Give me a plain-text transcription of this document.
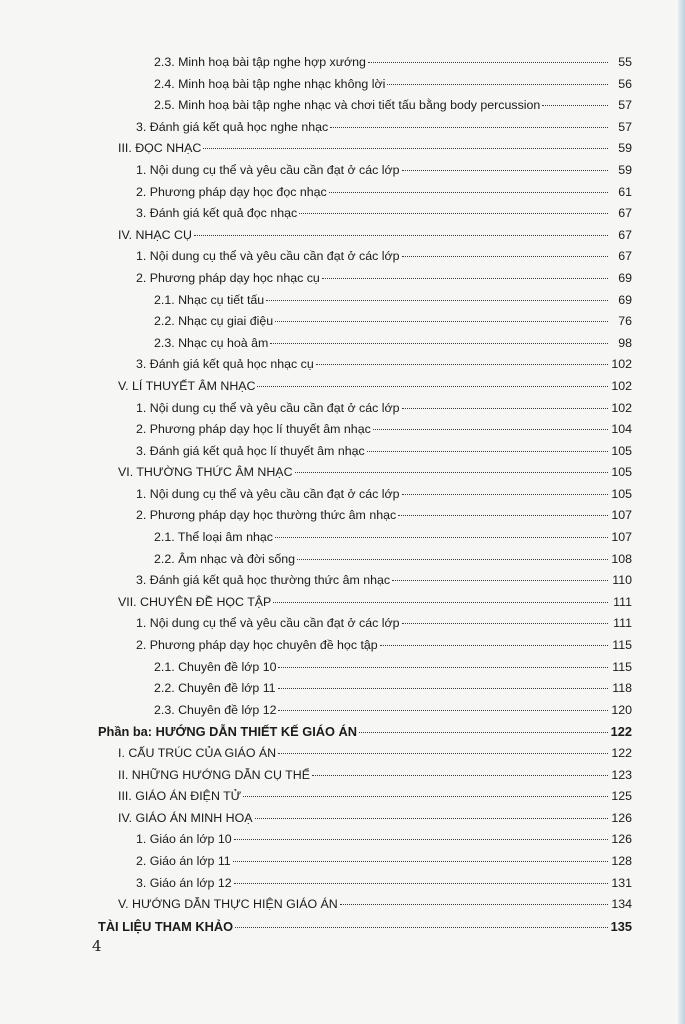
2.3. Minh hoạ bài tập nghe hợp xướng	55
2.4. Minh hoạ bài tập nghe nhạc không lời	56
2.5. Minh hoạ bài tập nghe nhạc và chơi tiết tấu bằng body percussion	57
3. Đánh giá kết quả học nghe nhạc	57
III. ĐỌC NHẠC	59
1. Nội dung cụ thể và yêu cầu cần đạt ở các lớp	59
2. Phương pháp dạy học đọc nhạc	61
3. Đánh giá kết quả đọc nhạc	67
IV. NHẠC CỤ	67
1. Nội dung cụ thể và yêu cầu cần đạt ở các lớp	67
2. Phương pháp dạy học nhạc cụ	69
2.1. Nhạc cụ tiết tấu	69
2.2. Nhạc cụ giai điệu	76
2.3. Nhạc cụ hoà âm	98
3. Đánh giá kết quả học nhạc cụ	102
V. LÍ THUYẾT ÂM NHẠC	102
1. Nội dung cụ thể và yêu cầu cần đạt ở các lớp	102
2. Phương pháp dạy học lí thuyết âm nhạc	104
3. Đánh giá kết quả học lí thuyết âm nhạc	105
VI. THƯỜNG THỨC ÂM NHẠC	105
1. Nội dung cụ thể và yêu cầu cần đạt ở các lớp	105
2. Phương pháp dạy học thường thức âm nhạc	107
2.1. Thể loại âm nhạc	107
2.2. Âm nhạc và đời sống	108
3. Đánh giá kết quả học thường thức âm nhạc	110
VII. CHUYÊN ĐỀ HỌC TẬP	111
1. Nội dung cụ thể và yêu cầu cần đạt ở các lớp	111
2. Phương pháp dạy học chuyên đề học tập	115
2.1. Chuyên đề lớp 10	115
2.2. Chuyên đề lớp 11	118
2.3. Chuyên đề lớp 12	120
Phần ba: HƯỚNG DẪN THIẾT KẾ GIÁO ÁN	122
I. CẤU TRÚC CỦA GIÁO ÁN	122
II. NHỮNG HƯỚNG DẪN CỤ THỂ	123
III. GIÁO ÁN ĐIỆN TỬ	125
IV. GIÁO ÁN MINH HOẠ	126
1. Giáo án lớp 10	126
2. Giáo án lớp 11	128
3. Giáo án lớp 12	131
V. HƯỚNG DẪN THỰC HIỆN GIÁO ÁN	134
TÀI LIỆU THAM KHẢO	135
4
